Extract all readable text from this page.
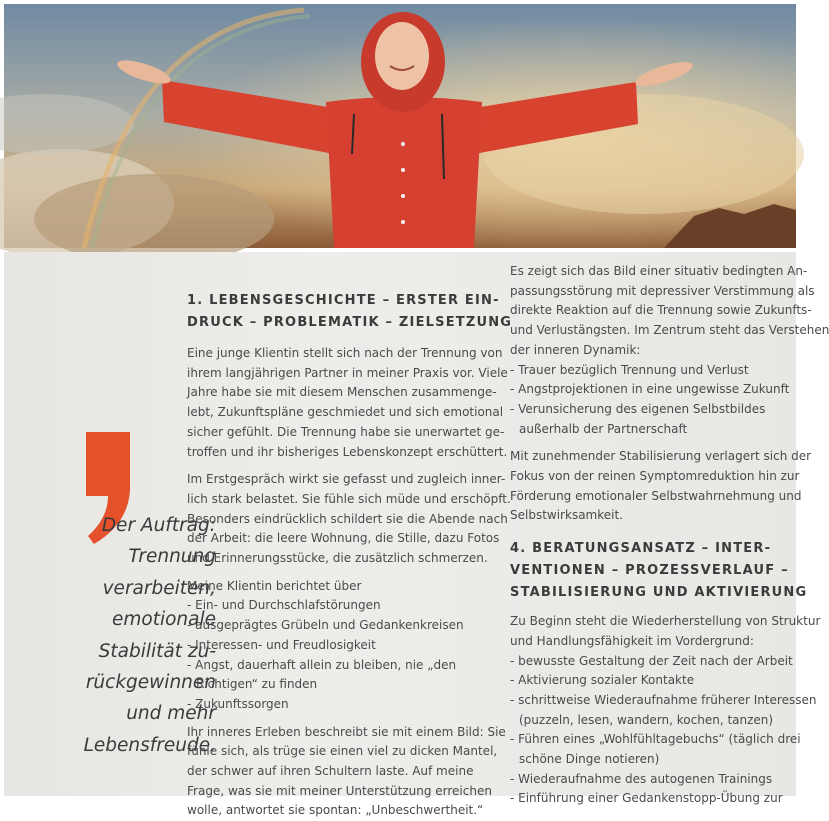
Der Auftrag:
Trennung
verarbeiten,
emotionale
Stabilität zu-
rückgewinnen
und mehr
Lebensfreude.
1. LEBENSGESCHICHTE – ERSTER EIN-
DRUCK – PROBLEMATIK – ZIELSETZUNG

Eine junge Klientin stellt sich nach der Trennung von
ihrem langjährigen Partner in meiner Praxis vor. Viele
Jahre habe sie mit diesem Menschen zusammenge-
lebt, Zukunftspläne geschmiedet und sich emotional
sicher gefühlt. Die Trennung habe sie unerwartet ge-
troffen und ihr bisheriges Lebenskonzept erschüttert.

Im Erstgespräch wirkt sie gefasst und zugleich inner-
lich stark belastet. Sie fühle sich müde und erschöpft.
Besonders eindrücklich schildert sie die Abende nach
der Arbeit: die leere Wohnung, die Stille, dazu Fotos
und Erinnerungsstücke, die zusätzlich schmerzen.

Meine Klientin berichtet über

- Ein- und Durchschlafstörungen
- ausgeprägtes Grübeln und Gedankenkreisen
- Interessen- und Freudlosigkeit
- Angst, dauerhaft allein zu bleiben, nie „den
Richtigen“ zu finden
- Zukunftssorgen

Ihr inneres Erleben beschreibt sie mit einem Bild: Sie
fühle sich, als trüge sie einen viel zu dicken Mantel,
der schwer auf ihren Schultern laste. Auf meine
Frage, was sie mit meiner Unterstützung erreichen
wolle, antwortet sie spontan: „Unbeschwertheit.“

Es zeigt sich das Bild einer situativ bedingten An-
passungsstörung mit depressiver Verstimmung als
direkte Reaktion auf die Trennung sowie Zukunfts-
und Verlustängsten. Im Zentrum steht das Verstehen
der inneren Dynamik:

- Trauer bezüglich Trennung und Verlust
- Angstprojektionen in eine ungewisse Zukunft
- Verunsicherung des eigenen Selbstbildes
außerhalb der Partnerschaft

Mit zunehmender Stabilisierung verlagert sich der
Fokus von der reinen Symptomreduktion hin zur
Förderung emotionaler Selbstwahrnehmung und
Selbstwirksamkeit.

4. BERATUNGSANSATZ – INTER-
VENTIONEN – PROZESSVERLAUF –
STABILISIERUNG UND AKTIVIERUNG

Zu Beginn steht die Wiederherstellung von Struktur
und Handlungsfähigkeit im Vordergrund:

- bewusste Gestaltung der Zeit nach der Arbeit
- Aktivierung sozialer Kontakte
- schrittweise Wiederaufnahme früherer Interessen
(puzzeln, lesen, wandern, kochen, tanzen)
- Führen eines „Wohlfühltagebuchs“ (täglich drei
schöne Dinge notieren)
- Wiederaufnahme des autogenen Trainings
- Einführung einer Gedankenstopp-Übung zur
